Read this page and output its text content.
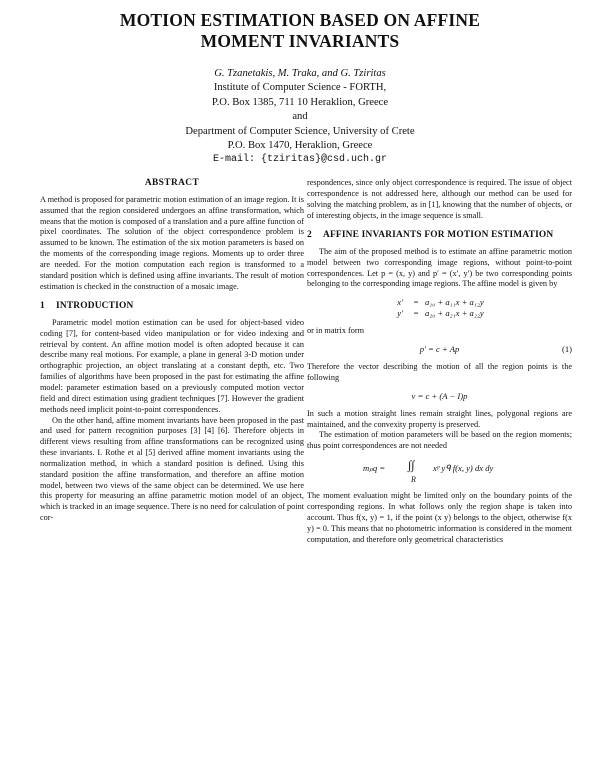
MOTION ESTIMATION BASED ON AFFINE
MOMENT INVARIANTS
G. Tzanetakis, M. Traka, and G. Tziritas
Institute of Computer Science - FORTH,
P.O. Box 1385, 711 10 Heraklion, Greece
and
Department of Computer Science, University of Crete
P.O. Box 1470, Heraklion, Greece
E-mail: {tziritas}@csd.uch.gr
ABSTRACT

A method is proposed for parametric motion estimation of an image region. It is assumed that the region considered undergoes an affine transformation, which means that the motion is composed of a translation and a pure affine function of pixel coordinates. The solution of the object correspondence problem is assumed to be known. The estimation of the six motion parameters is based on the moments of the corresponding image regions. Moments up to order three are needed. For the motion computation each region is transformed to a standard position which is defined using affine invariants. The result of motion estimation is checked in the construction of a mosaic image.

1 INTRODUCTION

Parametric model motion estimation can be used for object-based video coding [7], for content-based video manipulation or for video indexing and retrieval by content. An affine motion model is often adopted because it can describe many real motions. For example, a plane in general 3-D motion under orthographic projection, an object translating at a constant depth, etc. Two families of algorithms have been proposed in the past for estimating the affine model: parameter estimation based on a previously computed motion vector field and direct estimation using gradient techniques [7]. However the gradient methods need implicit point-to-point correspondences.

On the other hand, affine moment invariants have been proposed in the past and used for pattern recognition purposes [3] [4] [6]. Therefore objects in different views resulting from affine transformations can be recognized using these invariants. I. Rothe et al [5] derived affine moment invariants using the normalization method, in which a standard position is defined. Using this standard position the affine transformation, and therefore an affine motion model, between two views of the same object can be determined. We use here this property for measuring an affine parametric motion model of an object, which is tracked in an image sequence. There is no need for calculation of point cor-

respondences, since only object correspondence is required. The issue of object correspondence is not addressed here, although our method can be used for solving the matching problem, as in [1], knowing that the number of objects, or of interesting objects, in the image sequence is small.

2	AFFINE INVARIANTS FOR MOTION ESTIMATION

The aim of the proposed method is to estimate an affine parametric motion model between two corresponding image regions, without point-to-point correspondences. Let p = (x, y) and p′ = (x′, y′) be two corresponding points belonging to the corresponding image regions. The affine model is given by

x′	= a₁₀ + a₁₁x + a₁₂y
y′	= a₂₀ + a₂₁x + a₂₂y

or in matrix form

p′ = c + Ap	(1)

Therefore the vector describing the motion of all the region points is the following

v = c + (A − I)p

In such a motion straight lines remain straight lines, polygonal regions are maintained, and the convexity property is preserved.

The estimation of motion parameters will be based on the region moments; thus point correspondences are not needed

mₚq = ∫∫
R
xᵖ yᑫ f(x, y) dx dy

The moment evaluation might be limited only on the boundary points of the corresponding regions. In what follows only the region shape is taken into account. Thus f(x, y) = 1, if the point (x y) belongs to the object, otherwise f(x y) = 0. This means that no photometric information is considered in the moment computation, and therefore only geometrical characteristics
